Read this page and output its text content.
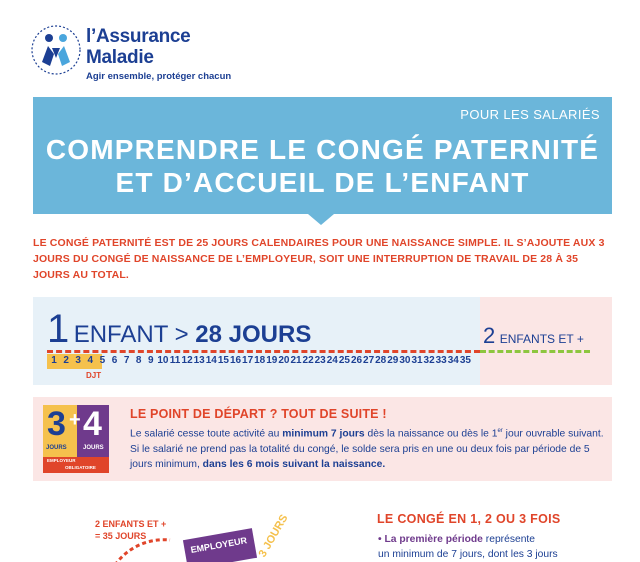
l’Assurance
Maladie
Agir ensemble, protéger chacun
POUR LES SALARIÉS
COMPRENDRE LE CONGÉ PATERNITÉ
ET D’ACCUEIL DE L’ENFANT
LE CONGÉ PATERNITÉ EST DE 25 JOURS CALENDAIRES POUR UNE NAISSANCE SIMPLE. IL S’AJOUTE AUX 3 JOURS DU CONGÉ DE NAISSANCE DE L’EMPLOYEUR, SOIT UNE INTERRUPTION DE TRAVAIL DE 28 À 35 JOURS AU TOTAL.
1 ENFANT > 28 JOURS	2 ENFANTS ET +
1 2 3 4 5 6 7 8 9 10 11 12 13 14 15 16 17 18 19 20 21 22 23 24 25 26 27 28 29 30 31 32 33 34 35
DJT
3 + 4
JOURS	JOURS
EMPLOYEUR
OBLIGATOIRE
LE POINT DE DÉPART ? TOUT DE SUITE !
Le salarié cesse toute activité au minimum 7 jours dès la naissance ou dès le 1er jour ouvrable suivant. Si le salarié ne prend pas la totalité du congé, le solde sera pris en une ou deux fois par période de 5 jours minimum, dans les 6 mois suivant la naissance.
2 ENFANTS ET +
= 35 JOURS	EMPLOYEUR 3 JOURS	LE CONGÉ EN 1, 2 OU 3 FOIS
• La première période représente
un minimum de 7 jours, dont les 3 jours
